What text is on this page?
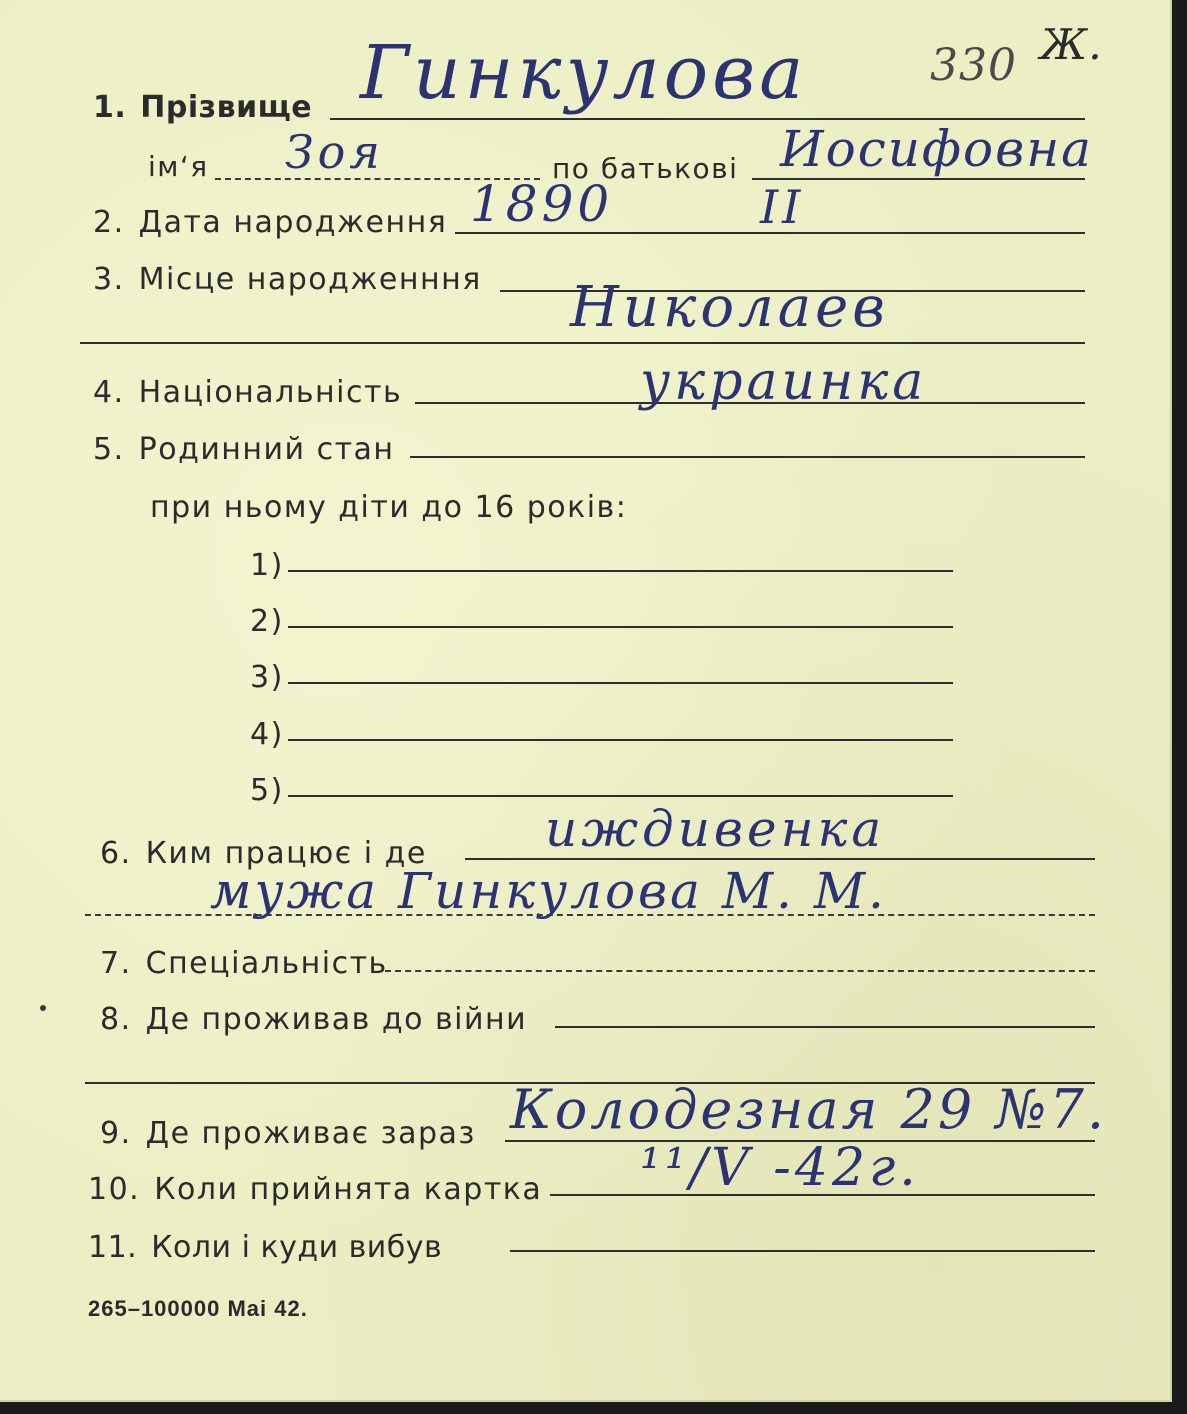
330 Ж.
1. Прізвище Гинкулова
ім‘я Зоя	по батькові Иосифовна
2. Дата народження 1890	II
3. Місце народженння Николаев
4. Національність	украинка
5. Родинний стан
при ньому діти до 16 років:
1)
2)
3)
4)
5)
6. Ким працює і де иждивенка
мужа Гинкулова М. М.
7. Спеціальність
8. Де проживав до війни
9. Де проживає зараз Колодезная 29 №7.
10. Коли прийнята картка ¹¹/V -42г.
11. Коли і куди вибув
265–100000 Mai 42.
